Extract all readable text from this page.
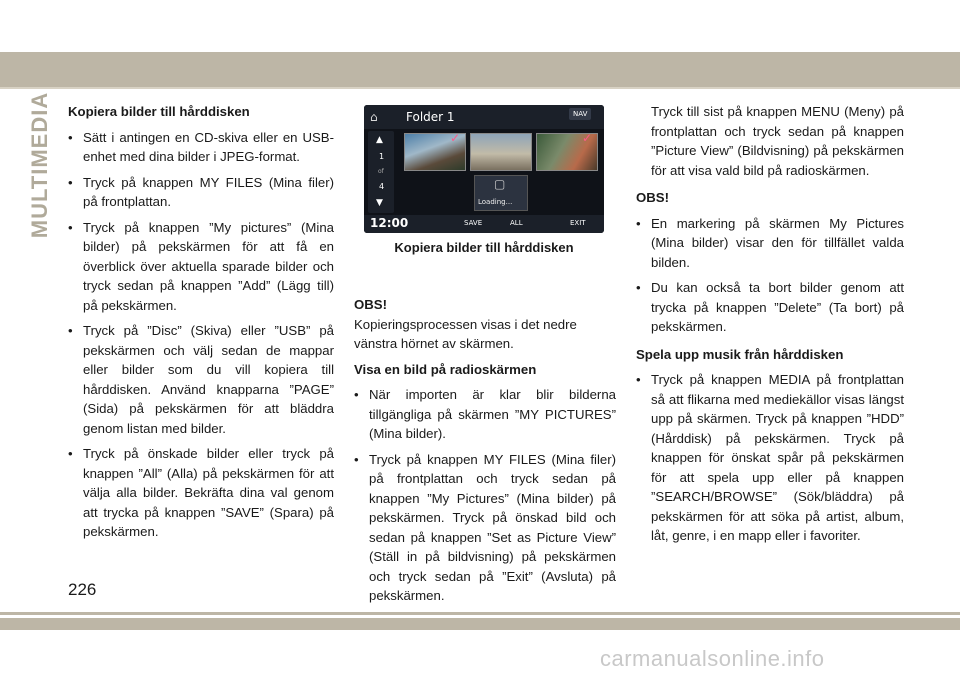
MULTIMEDIA Kopiera bilder till hårddisken
• Sätt i antingen en CD-skiva eller en USB-enhet med dina bilder i JPEG-format.
• Tryck på knappen MY FILES (Mina filer) på frontplattan.
• Tryck på knappen ”My pictures” (Mina bilder) på pekskärmen för att få en överblick över aktuella sparade bilder och tryck sedan på knappen ”Add” (Lägg till) på pekskärmen.
• Tryck på ”Disc” (Skiva) eller ”USB” på pekskärmen och välj sedan de mappar eller bilder som du vill kopiera till hårddisken. Använd knapparna ”PAGE” (Sida) på pekskärmen för att bläddra genom listan med bilder.
• Tryck på önskade bilder eller tryck på knappen ”All” (Alla) på pekskärmen för att välja alla bilder. Bekräfta dina val genom att trycka på knappen ”SAVE” (Spara) på pekskärmen.
⌂ Folder 1	NAV
▲
1
of
4
▼
✓	✓
▢
Loading...
12:00	SAVE	ALL	EXIT
Kopiera bilder till hårddisken
OBS!
Kopieringsprocessen visas i det nedre vänstra hörnet av skärmen.
Visa en bild på radioskärmen
• När importen är klar blir bilderna tillgängliga på skärmen ”MY PICTURES” (Mina bilder).
• Tryck på knappen MY FILES (Mina filer) på frontplattan och tryck sedan på knappen ”My Pictures” (Mina bilder) på pekskärmen. Tryck på önskad bild och sedan på knappen ”Set as Picture View” (Ställ in på bildvisning) på pekskärmen och tryck sedan på ”Exit” (Avsluta) på pekskärmen.
Tryck till sist på knappen MENU (Meny) på frontplattan och tryck sedan på knappen ”Picture View” (Bildvisning) på pekskärmen för att visa vald bild på radioskärmen.
OBS!
• En markering på skärmen My Pictures (Mina bilder) visar den för tillfället valda bilden.
• Du kan också ta bort bilder genom att trycka på knappen ”Delete” (Ta bort) på pekskärmen.
Spela upp musik från hårddisken
• Tryck på knappen MEDIA på frontplattan så att flikarna med mediekällor visas längst upp på skärmen. Tryck på knappen ”HDD” (Hårddisk) på pekskärmen. Tryck på knappen för önskat spår på pekskärmen för att spela upp eller på knappen ”SEARCH/BROWSE” (Sök/bläddra) på pekskärmen för att söka på artist, album, låt, genre, i en mapp eller i favoriter.
226
carmanualsonline.info
